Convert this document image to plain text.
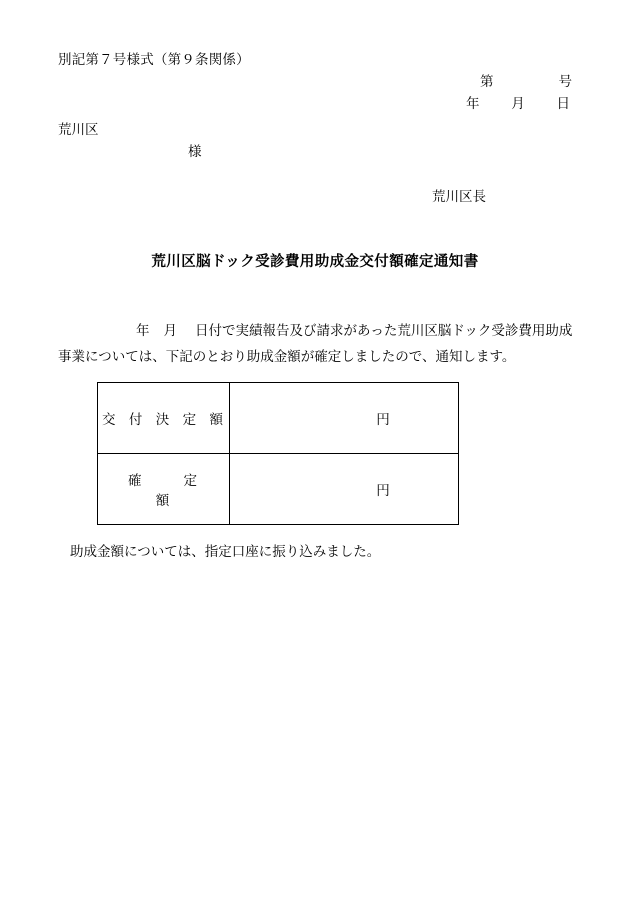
別記第７号様式（第９条関係）
第	号
年 月 日
荒川区
様
荒川区長
荒川区脳ドック受診費用助成金交付額確定通知書
年 月 日付で実績報告及び請求があった荒川区脳ドック受診費用助成
事業については、下記のとおり助成金額が確定しましたので、通知します。
交 付 決 定 額	円

確　　定　　額	円
助成金額については、指定口座に振り込みました。
